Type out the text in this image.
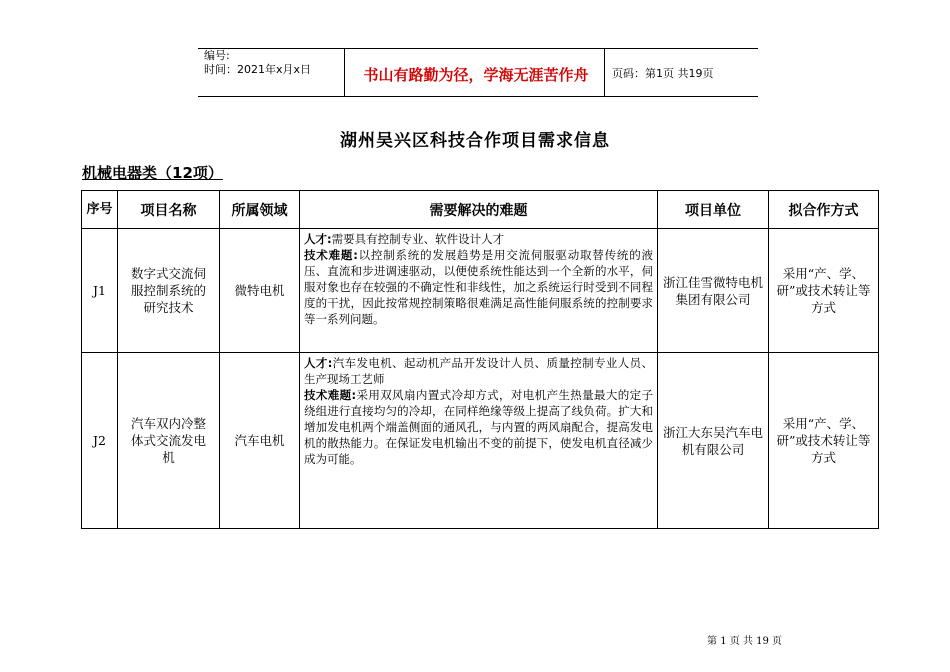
编号:
时间：2021年x月x日	书山有路勤为径，学海无涯苦作舟	页码：第1页 共19页
湖州吴兴区科技合作项目需求信息
机械电器类（12项）
序号	项目名称	所属领域	需要解决的难题	项目单位	拟合作方式
J1	数字式交流伺服控制系统的研究技术	微特电机	人才:需要具有控制专业、软件设计人才
技术难题:以控制系统的发展趋势是用交流伺服驱动取替传统的液压、直流和步进调速驱动，以便使系统性能达到一个全新的水平，伺服对象也存在较强的不确定性和非线性，加之系统运行时受到不同程度的干扰，因此按常规控制策略很难满足高性能伺服系统的控制要求等一系列问题。	浙江佳雪微特电机集团有限公司	采用“产、学、研”或技术转让等方式
J2	汽车双内冷整体式交流发电机	汽车电机	人才:汽车发电机、起动机产品开发设计人员、质量控制专业人员、生产现场工艺师
技术难题:采用双风扇内置式冷却方式，对电机产生热量最大的定子绕组进行直接均匀的冷却，在同样绝缘等级上提高了线负荷。扩大和增加发电机两个端盖侧面的通风孔，与内置的两风扇配合，提高发电机的散热能力。在保证发电机输出不变的前提下，使发电机直径减少成为可能。	浙江大东吴汽车电机有限公司	采用“产、学、研”或技术转让等方式
第 1 页 共 19 页
